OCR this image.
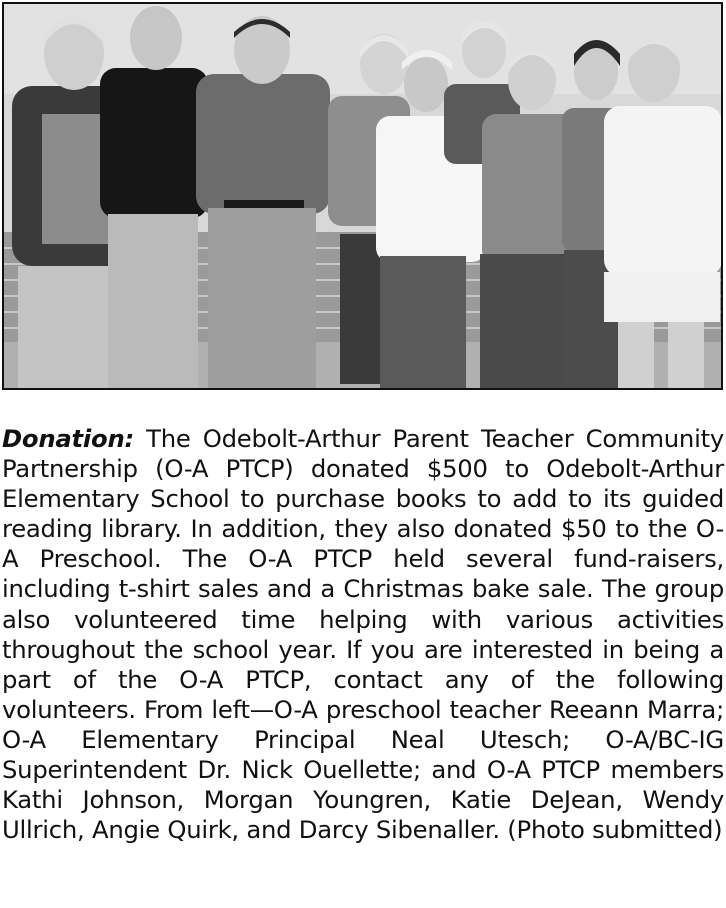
Donation: The Odebolt-Arthur Parent Teacher Community Partnership (O-A PTCP) donated $500 to Odebolt-Arthur Elementary School to purchase books to add to its guided reading library. In addition, they also donated $50 to the O-A Preschool. The O-A PTCP held several fund-raisers, including t-shirt sales and a Christmas bake sale. The group also volunteered time helping with various activities throughout the school year. If you are interested in being a part of the O-A PTCP, contact any of the following volunteers. From left—O-A preschool teacher Reeann Marra; O-A Elementary Principal Neal Utesch; O-A/BC-IG Superintendent Dr. Nick Ouellette; and O-A PTCP members Kathi Johnson, Morgan Youngren, Katie DeJean, Wendy Ullrich, Angie Quirk, and Darcy Sibenaller. (Photo submitted)
